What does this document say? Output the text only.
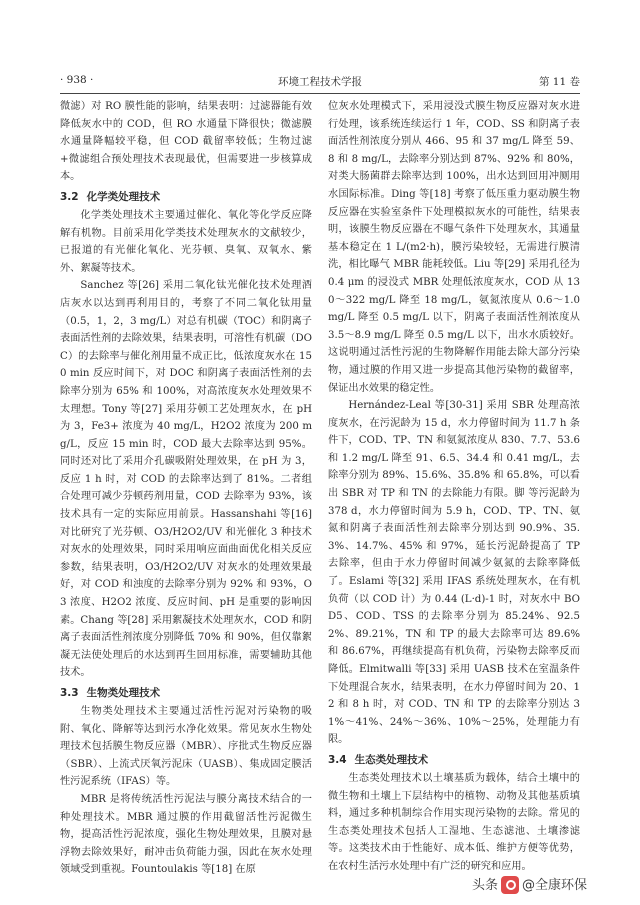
· 938 ·	环境工程技术学报	第 11 卷

微滤）对 RO 膜性能的影响，结果表明：过滤器能有效降低灰水中的 COD，但 RO 水通量下降很快；微滤膜水通量降幅较平稳，但 COD 截留率较低；生物过滤+微滤组合预处理技术表现最优，但需要进一步核算成本。

3.2 化学类处理技术

化学类处理技术主要通过催化、氧化等化学反应降解有机物。目前采用化学类技术处理灰水的文献较少，已报道的有光催化氧化、光芬顿、臭氧、双氧水、紫外、絮凝等技术。

Sanchez 等[26] 采用二氧化钛光催化技术处理酒店灰水以达到再利用目的，考察了不同二氧化钛用量（0.5，1，2，3 mg/L）对总有机碳（TOC）和阴离子表面活性剂的去除效果，结果表明，可溶性有机碳（DOC）的去除率与催化剂用量不成正比，低浓度灰水在 150 min 反应时间下，对 DOC 和阴离子表面活性剂的去除率分别为 65% 和 100%，对高浓度灰水处理效果不太理想。Tony 等[27] 采用芬顿工艺处理灰水，在 pH 为 3，Fe3+ 浓度为 40 mg/L，H2O2 浓度为 200 mg/L，反应 15 min 时，COD 最大去除率达到 95%。同时还对比了采用介孔碳吸附处理效果，在 pH 为 3，反应 1 h 时，对 COD 的去除率达到了 81%。二者组合处理可减少芬顿药剂用量，COD 去除率为 93%，该技术具有一定的实际应用前景。Hassanshahi 等[16] 对比研究了光芬顿、O3/H2O2/UV 和光催化 3 种技术对灰水的处理效果，同时采用响应面曲面优化相关反应参数，结果表明，O3/H2O2/UV 对灰水的处理效果最好，对 COD 和浊度的去除率分别为 92% 和 93%，O3 浓度、H2O2 浓度、反应时间、pH 是重要的影响因素。Chang 等[28] 采用絮凝技术处理灰水，COD 和阴离子表面活性剂浓度分别降低 70% 和 90%，但仅靠絮凝无法使处理后的水达到再生回用标准，需要辅助其他技术。

3.3 生物类处理技术

生物类处理技术主要通过活性污泥对污染物的吸附、氧化、降解等达到污水净化效果。常见灰水生物处理技术包括膜生物反应器（MBR）、序批式生物反应器（SBR）、上流式厌氧污泥床（UASB）、集成固定膜活性污泥系统（IFAS）等。

MBR 是将传统活性污泥法与膜分离技术结合的一种处理技术。MBR 通过膜的作用截留活性污泥微生物，提高活性污泥浓度，强化生物处理效果，且膜对悬浮物去除效果好，耐冲击负荷能力强，因此在灰水处理领域受到重视。Fountoulakis 等[18] 在原

位灰水处理模式下，采用浸没式膜生物反应器对灰水进行处理，该系统连续运行 1 年，COD、SS 和阴离子表面活性剂浓度分别从 466、95 和 37 mg/L 降至 59、8 和 8 mg/L，去除率分别达到 87%、92% 和 80%，对类大肠菌群去除率达到 100%，出水达到回用冲厕用水国际标准。Ding 等[18] 考察了低压重力驱动膜生物反应器在实验室条件下处理模拟灰水的可能性，结果表明，该膜生物反应器在不曝气条件下处理灰水，其通量基本稳定在 1 L/(m2·h)，膜污染较轻，无需进行膜清洗，相比曝气 MBR 能耗较低。Liu 等[29] 采用孔径为 0.4 μm 的浸没式 MBR 处理低浓度灰水，COD 从 130～322 mg/L 降至 18 mg/L，氨氮浓度从 0.6～1.0 mg/L 降至 0.5 mg/L 以下，阴离子表面活性剂浓度从 3.5～8.9 mg/L 降至 0.5 mg/L 以下，出水水质较好。这说明通过活性污泥的生物降解作用能去除大部分污染物，通过膜的作用又进一步提高其他污染物的截留率，保证出水效果的稳定性。

Hernández-Leal 等[30-31] 采用 SBR 处理高浓度灰水，在污泥龄为 15 d，水力停留时间为 11.7 h 条件下，COD、TP、TN 和氨氮浓度从 830、7.7、53.6 和 1.2 mg/L 降至 91、6.5、34.4 和 0.41 mg/L，去除率分别为 89%、15.6%、35.8% 和 65.8%，可以看出 SBR 对 TP 和 TN 的去除能力有限。脚 等污泥龄为 378 d，水力停留时间为 5.9 h，COD、TP、TN、氨氮和阴离子表面活性剂去除率分别达到 90.9%、35.3%、14.7%、45% 和 97%，延长污泥龄提高了 TP 去除率，但由于水力停留时间减少氨氮的去除率降低了。Eslami 等[32] 采用 IFAS 系统处理灰水，在有机负荷（以 COD 计）为 0.44 (L·d)-1 时，对灰水中 BOD5、COD、TSS 的去除率分别为 85.24%、92.52%、89.21%，TN 和 TP 的最大去除率可达 89.6% 和 86.67%，再继续提高有机负荷，污染物去除率反而降低。Elmitwalli 等[33] 采用 UASB 技术在室温条件下处理混合灰水，结果表明，在水力停留时间为 20、12 和 8 h 时，对 COD、TN 和 TP 的去除率分别达 31%～41%、24%～36%、10%～25%，处理能力有限。

3.4 生态类处理技术

生态类处理技术以土壤基质为载体，结合土壤中的微生物和土壤上下层结构中的植物、动物及其他基质填料，通过多种机制综合作用实现污染物的去除。常见的生态类处理技术包括人工湿地、生态滤池、土壤渗滤等。这类技术由于性能好、成本低、维护方便等优势，在农村生活污水处理中有广泛的研究和应用。

头条 @全康环保
